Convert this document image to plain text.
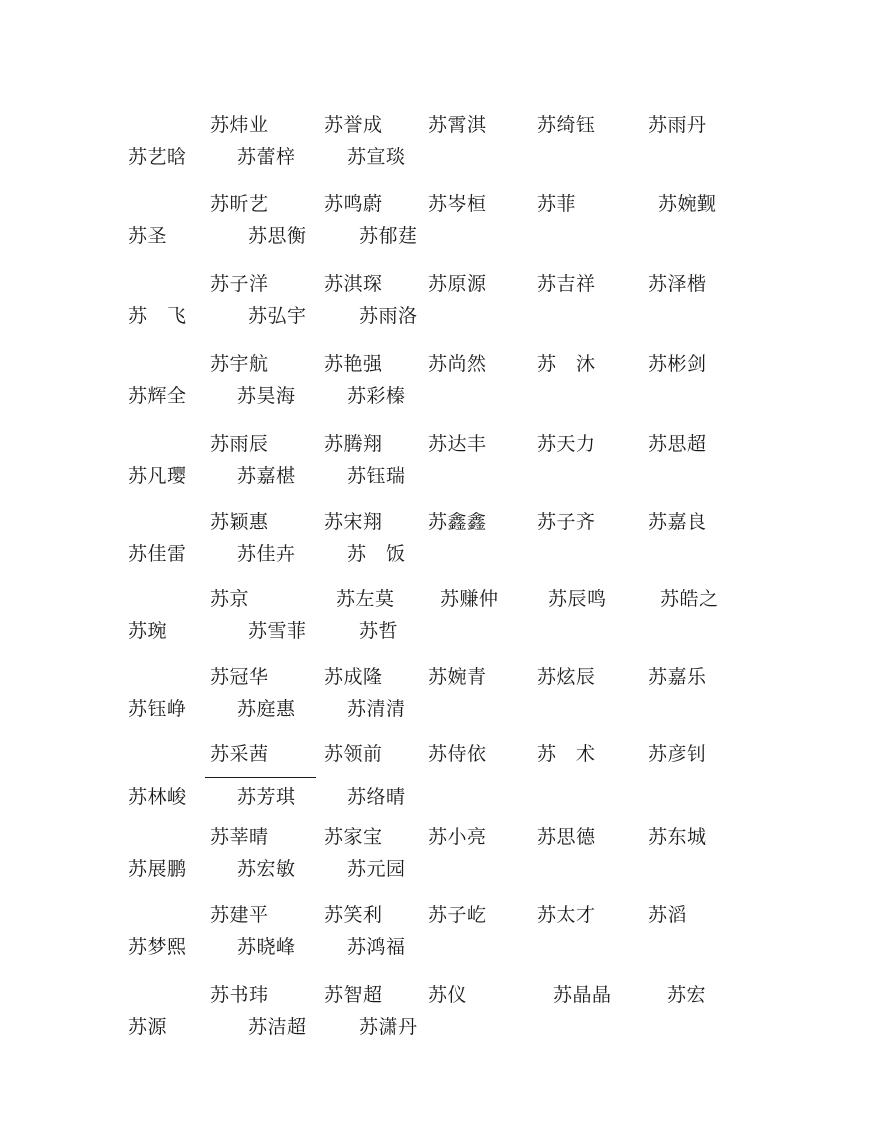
苏炜业	苏誉成 苏霄淇	苏绮钰	苏雨丹
苏艺晗	苏蕾梓	苏宣琰
苏昕艺	苏鸣蔚 苏岑桓	苏菲	苏婉觐
苏圣	苏思衡	苏郁莛
苏子洋	苏淇琛 苏原源	苏吉祥	苏泽楷
苏　飞	苏弘宇	苏雨洛
苏宇航	苏艳强 苏尚然	苏　沐	苏彬剑
苏辉全	苏昊海	苏彩榛
苏雨辰	苏腾翔 苏达丰	苏天力	苏思超
苏凡璎	苏嘉椹	苏钰瑞
苏颖惠	苏宋翔 苏鑫鑫	苏子齐	苏嘉良
苏佳雷	苏佳卉	苏　饭
苏京	苏左莫 苏赚仲	苏辰鸣	苏皓之
苏琬	苏雪菲	苏哲
苏冠华	苏成隆 苏婉青	苏炫辰	苏嘉乐
苏钰峥	苏庭惠	苏清清
苏采茜	苏领前 苏侍依	苏　术	苏彦钊
苏林峻	苏芳琪	苏络晴
苏莘晴	苏家宝 苏小亮	苏思德	苏东城
苏展鹏	苏宏敏	苏元园
苏建平	苏笑利 苏子屹	苏太才	苏滔
苏梦熙	苏晓峰	苏鸿福
苏书玮	苏智超 苏仪	苏晶晶	苏宏
苏源	苏洁超	苏潇丹
